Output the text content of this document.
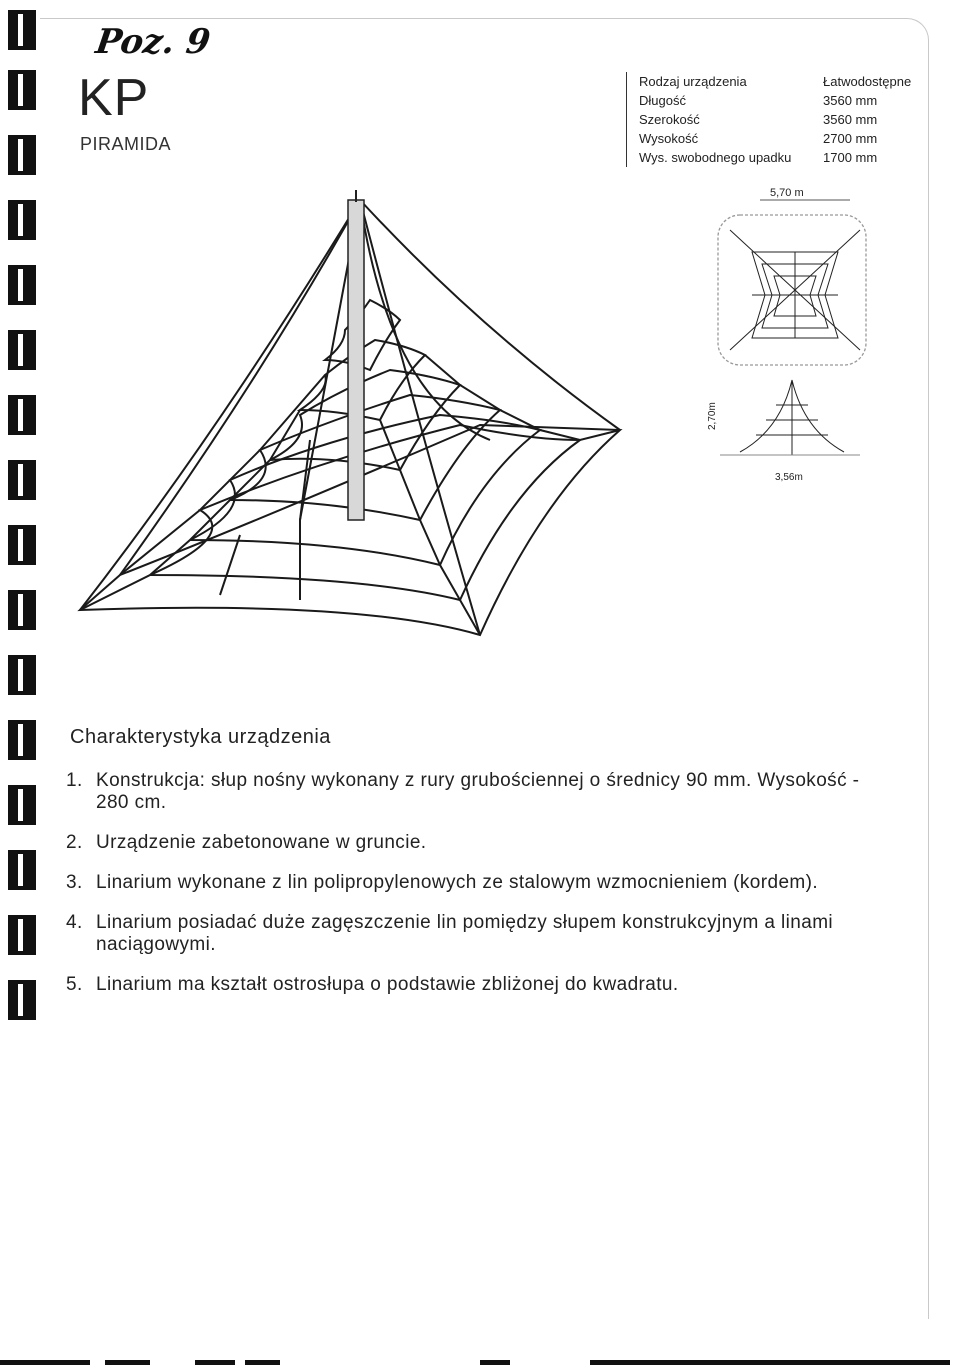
Poz. 9
KP
PIRAMIDA
Rodzaj urządzenia	Łatwodostępne
Długość	3560 mm
Szerokość	3560 mm
Wysokość	2700 mm
Wys. swobodnego upadku 1700 mm
5,70 m
2,70m
3,56m
Charakterystyka urządzenia
1. Konstrukcja: słup nośny wykonany z rury grubościennej o średnicy 90 mm. Wysokość - 280 cm.
2. Urządzenie zabetonowane w gruncie.
3. Linarium wykonane z lin polipropylenowych ze stalowym wzmocnieniem (kordem).
4. Linarium posiadać duże zagęszczenie lin pomiędzy słupem konstrukcyjnym a linami naciągowymi.
5. Linarium ma kształt ostrosłupa o podstawie zbliżonej do kwadratu.
